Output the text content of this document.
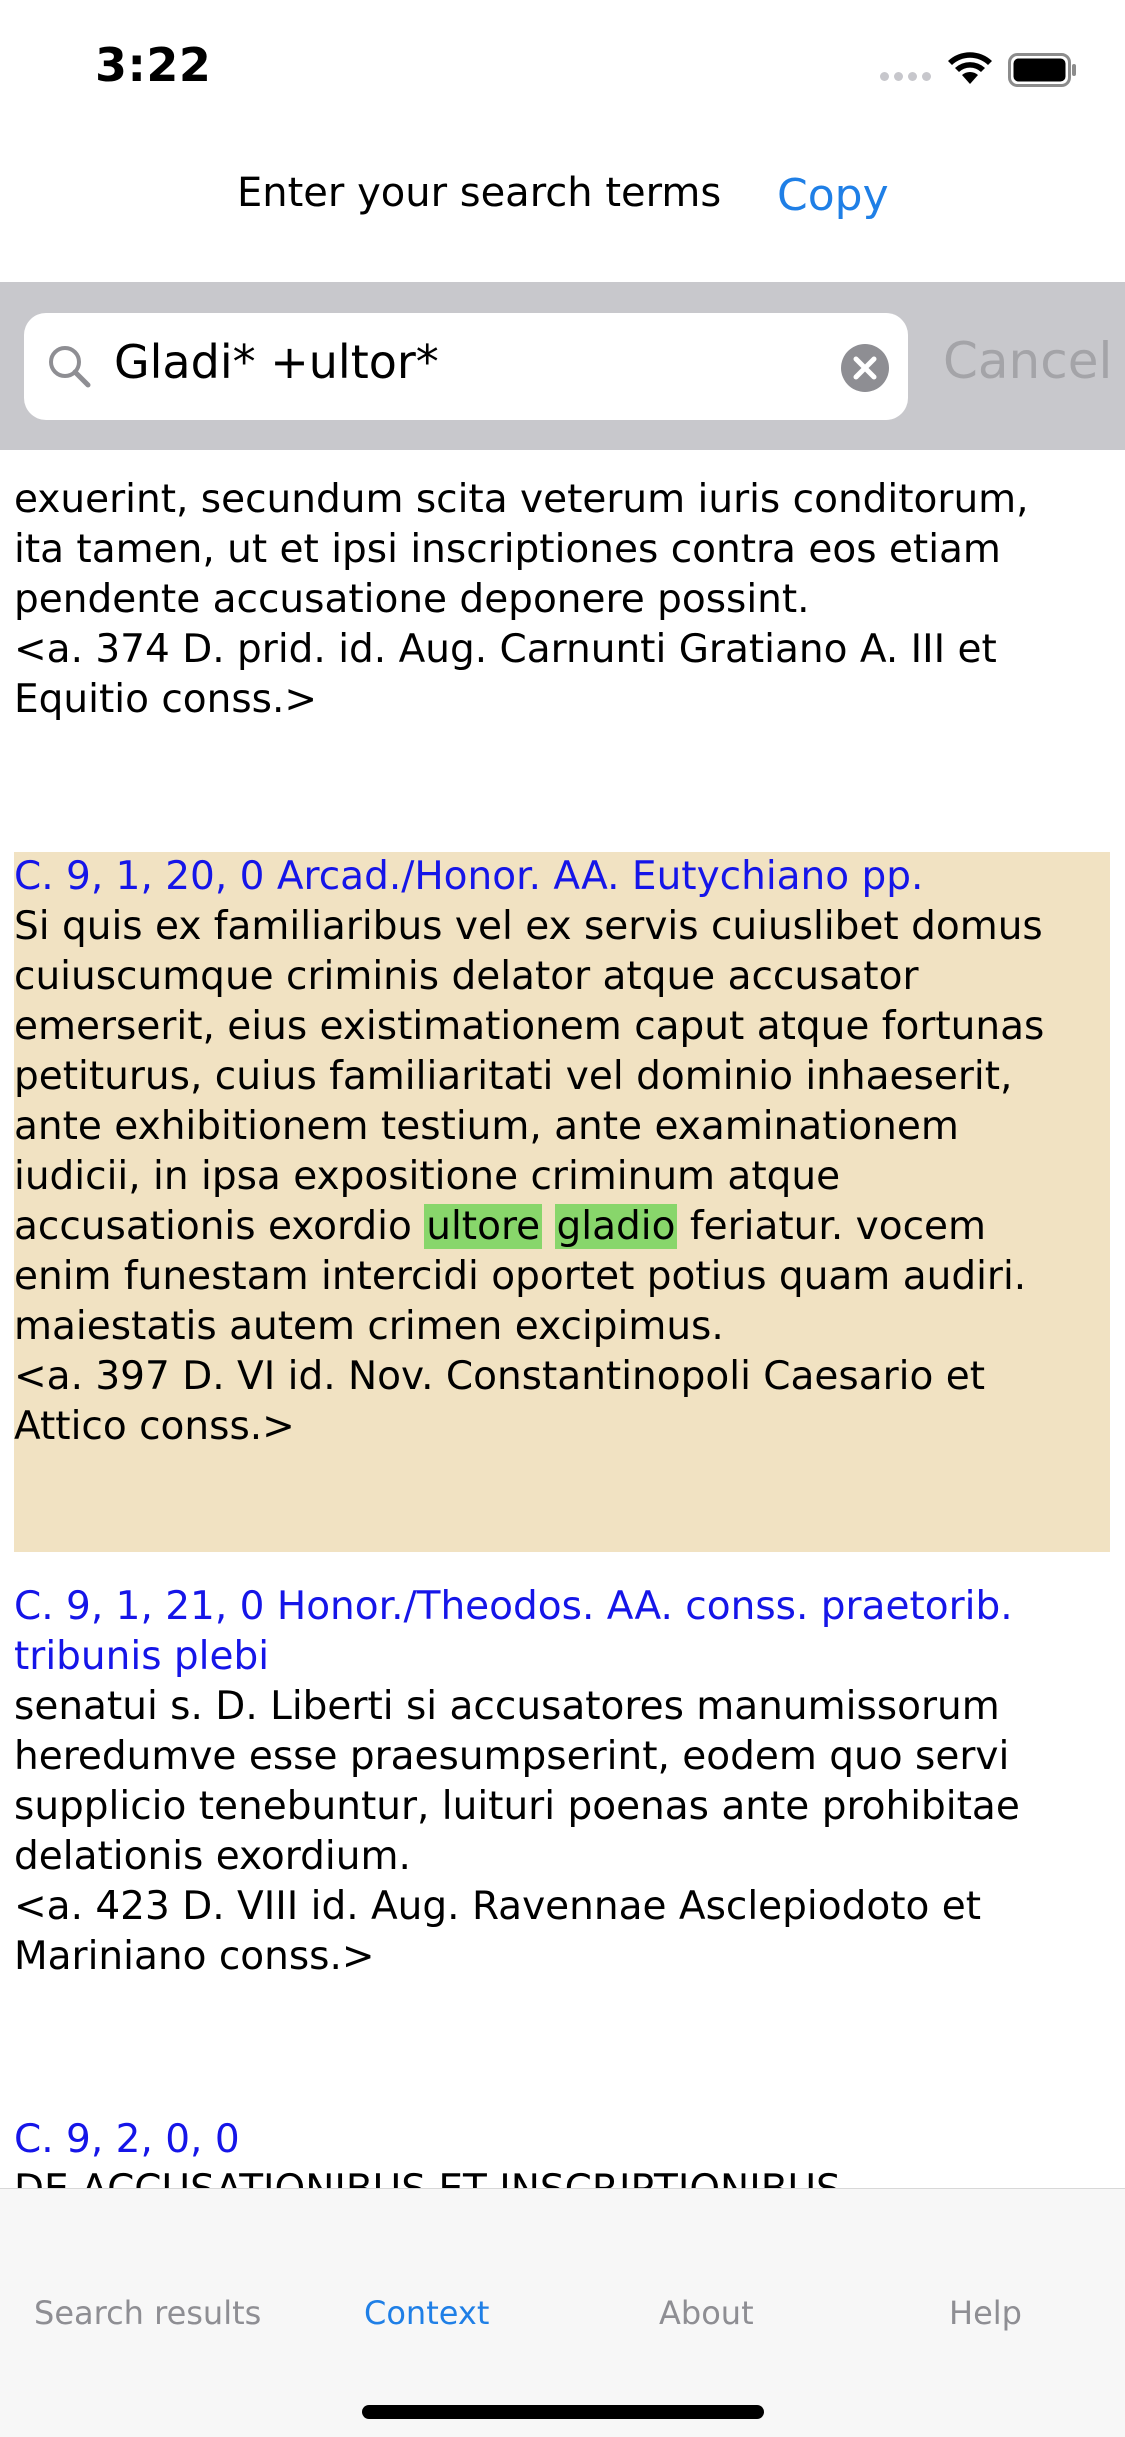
3:22
Enter your search terms Copy
Gladi* +ultor*	Cancel
exuerint, secundum scita veterum iuris conditorum,
ita tamen, ut et ipsi inscriptiones contra eos etiam
pendente accusatione deponere possint.
<a. 374 D. prid. id. Aug. Carnunti Gratiano A. III et
Equitio conss.>
C. 9, 1, 20, 0 Arcad./Honor. AA. Eutychiano pp.
Si quis ex familiaribus vel ex servis cuiuslibet domus
cuiuscumque criminis delator atque accusator
emerserit, eius existimationem caput atque fortunas
petiturus, cuius familiaritati vel dominio inhaeserit,
ante exhibitionem testium, ante examinationem
iudicii, in ipsa expositione criminum atque
accusationis exordio ultore gladio feriatur. vocem
enim funestam intercidi oportet potius quam audiri.
maiestatis autem crimen excipimus.
<a. 397 D. VI id. Nov. Constantinopoli Caesario et
Attico conss.>
C. 9, 1, 21, 0 Honor./Theodos. AA. conss. praetorib.
tribunis plebi
senatui s. D. Liberti si accusatores manumissorum
heredumve esse praesumpserint, eodem quo servi
supplicio tenebuntur, luituri poenas ante prohibitae
delationis exordium.
<a. 423 D. VIII id. Aug. Ravennae Asclepiodoto et
Mariniano conss.>
C. 9, 2, 0, 0
Search results	Context	About	Help
